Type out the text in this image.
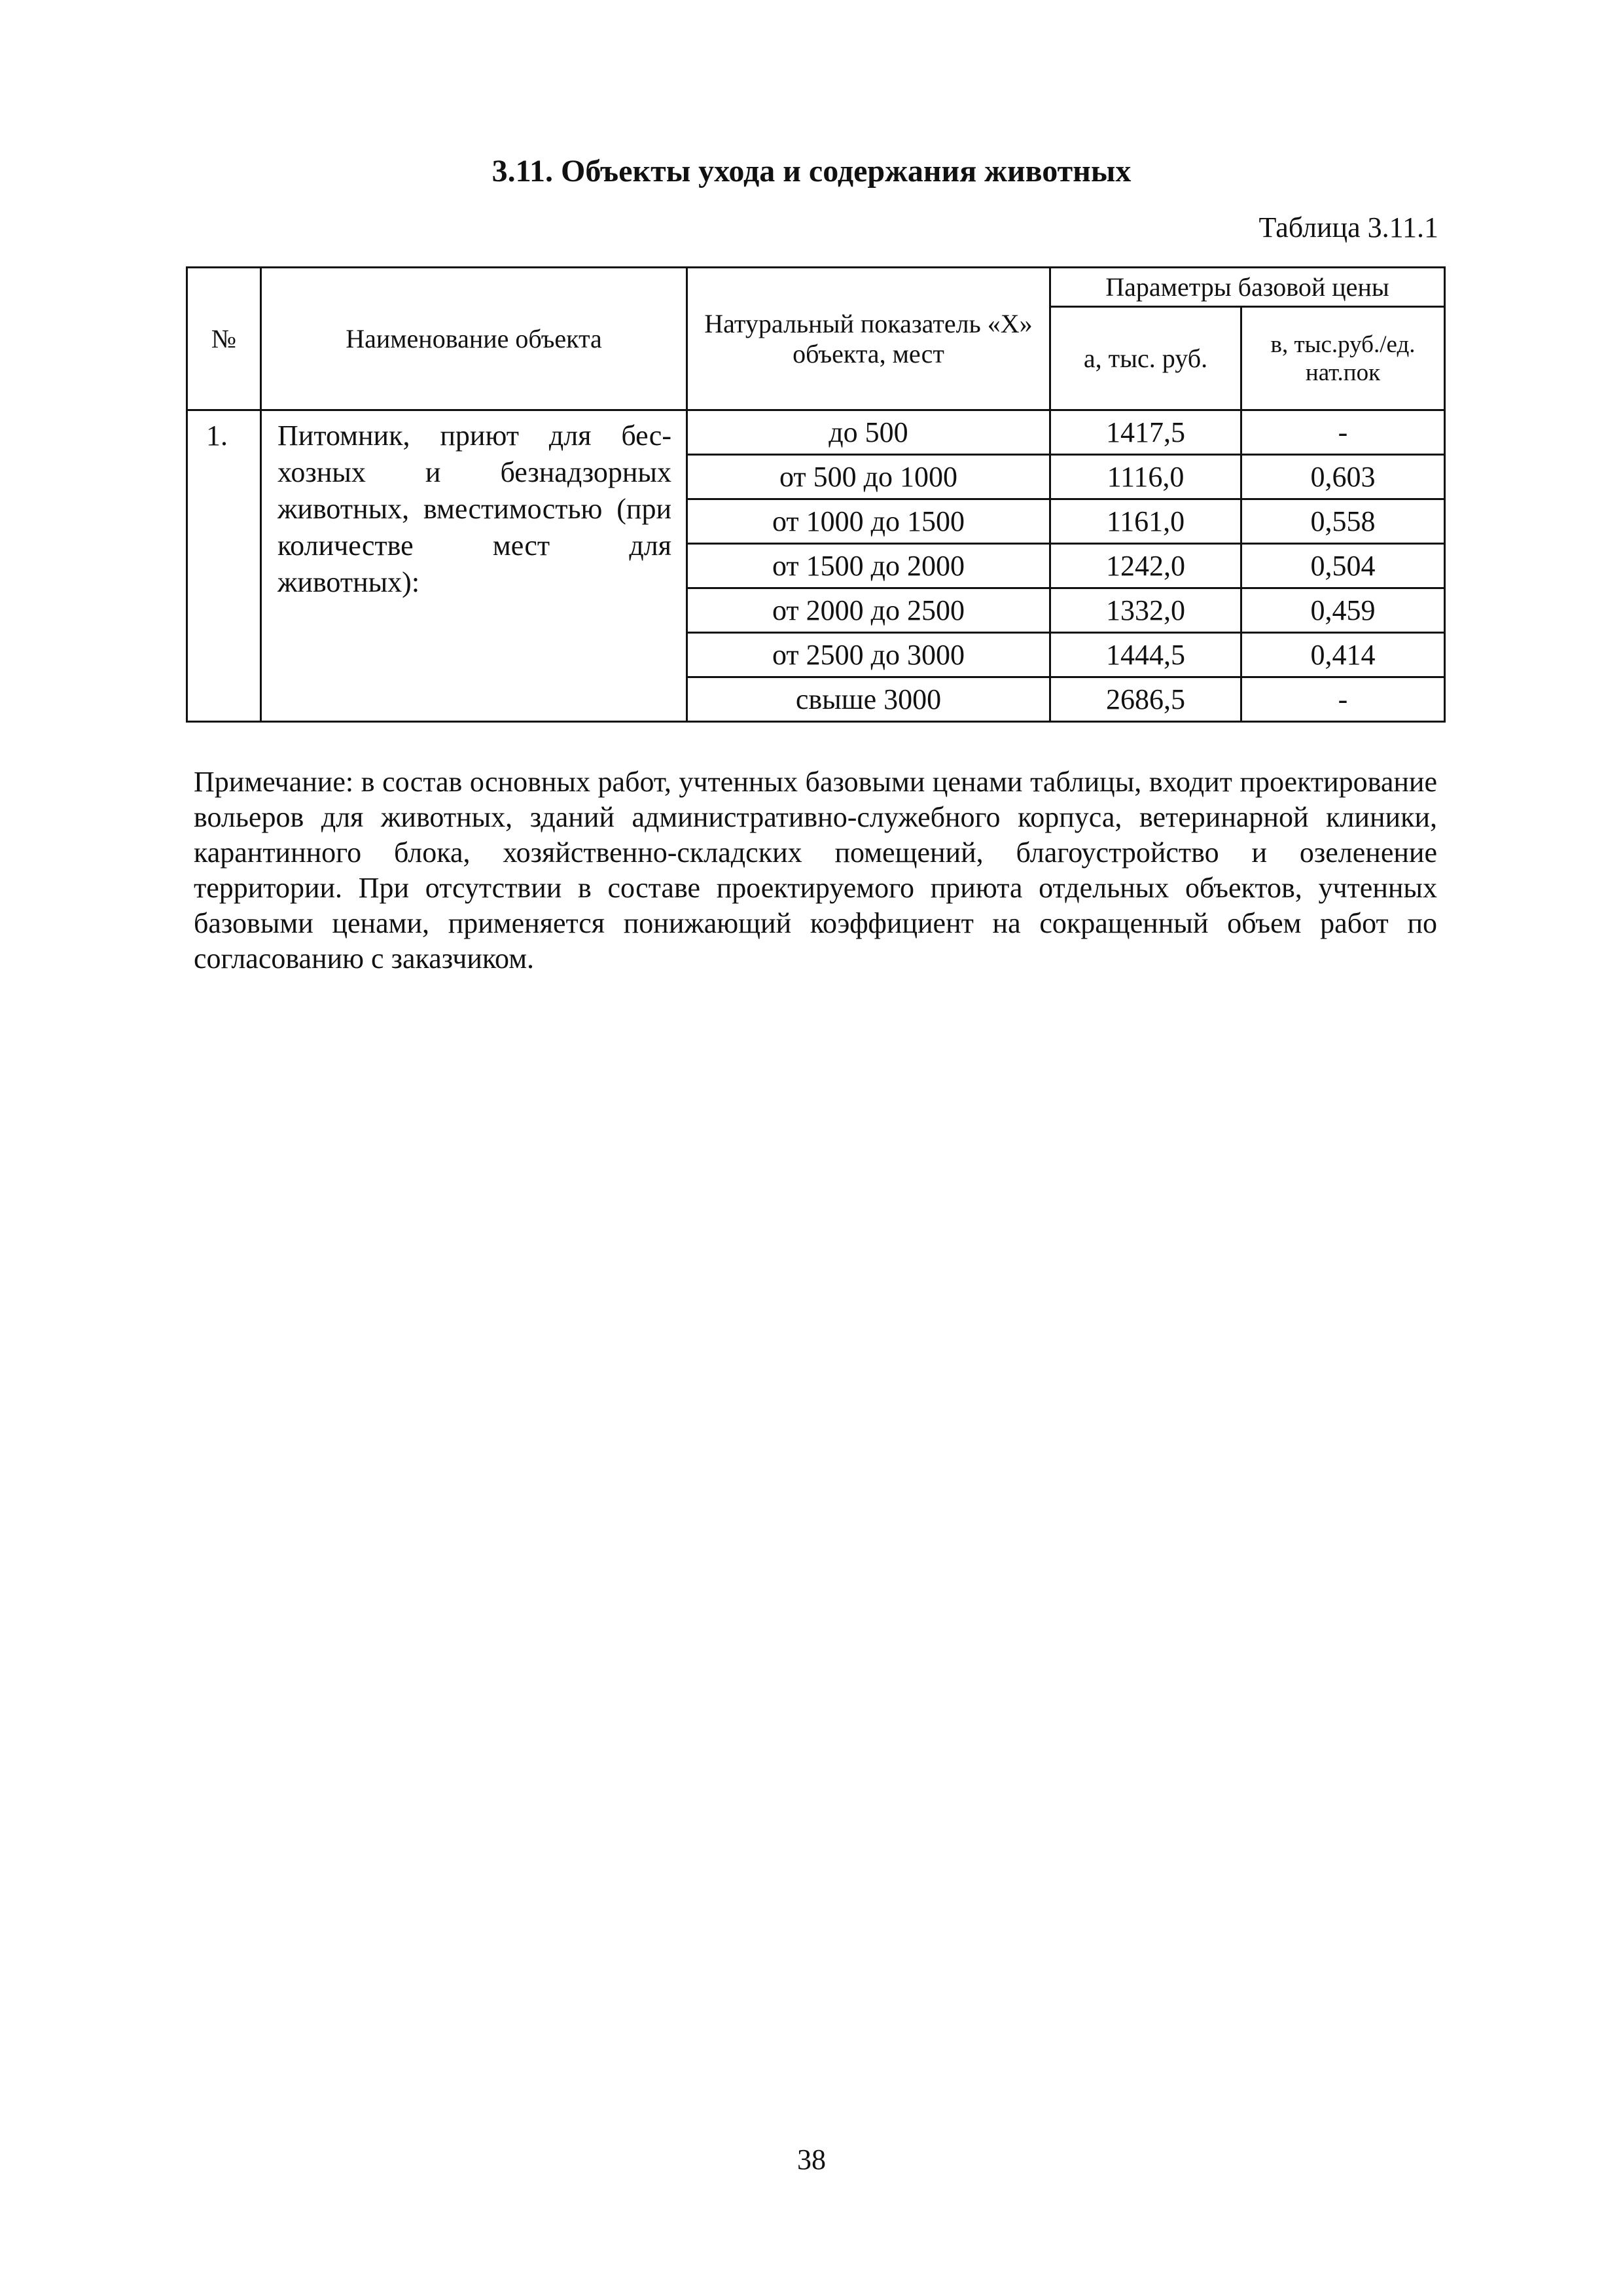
3.11. Объекты ухода и содержания животных
Таблица 3.11.1
№	Наименование объекта	Натуральный показатель «Х» объекта, мест	Параметры базовой цены	
			а, тыс. руб.	в, тыс.руб./ед. нат.пок
1.	Питомник, приют для бесхозных и безнадзорных животных, вместимостью (при количестве мест для животных):	до 500	1417,5	-
		от 500 до 1000	1116,0	0,603
		от 1000 до 1500	1161,0	0,558
		от 1500 до 2000	1242,0	0,504
		от 2000 до 2500	1332,0	0,459
		от 2500 до 3000	1444,5	0,414
		свыше 3000	2686,5	-
Примечание: в состав основных работ, учтенных базовыми ценами таблицы, входит проектирование вольеров для животных, зданий административно-служебного корпуса, ветеринарной клиники, карантинного блока, хозяйственно-складских помещений, благоустройство и озеленение территории. При отсутствии в составе проектируемого приюта отдельных объектов, учтенных базовыми ценами, применяется понижающий коэффициент на сокращенный объем работ по согласованию с заказчиком.
38
